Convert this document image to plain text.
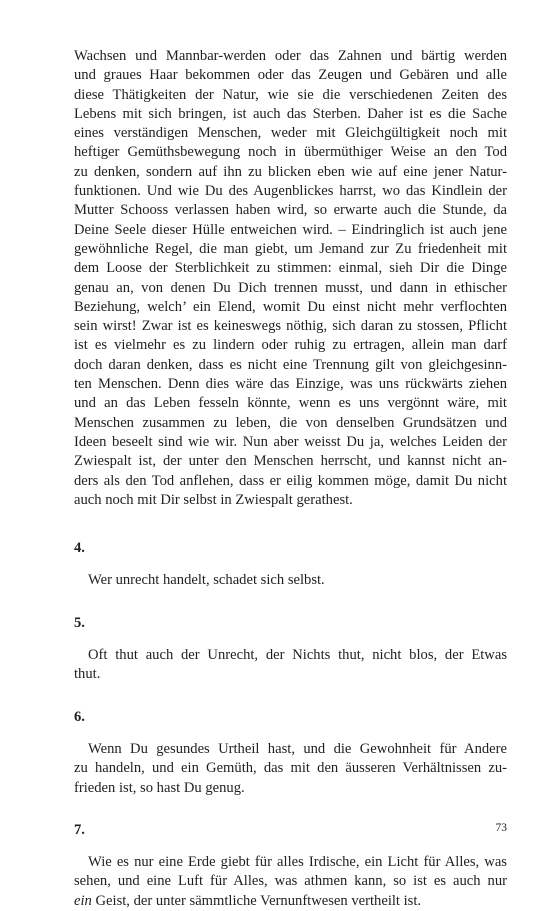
Wachsen und Mannbar-werden oder das Zahnen und bärtig werden
und graues Haar bekommen oder das Zeugen und Gebären und alle
diese Thätigkeiten der Natur, wie sie die verschiedenen Zeiten des
Lebens mit sich bringen, ist auch das Sterben. Daher ist es die Sache
eines verständigen Menschen, weder mit Gleichgültigkeit noch mit
heftiger Gemüthsbewegung noch in übermüthiger Weise an den Tod
zu denken, sondern auf ihn zu blicken eben wie auf eine jener Natur-
funktionen. Und wie Du des Augenblickes harrst, wo das Kindlein der
Mutter Schooss verlassen haben wird, so erwarte auch die Stunde, da
Deine Seele dieser Hülle entweichen wird. – Eindringlich ist auch jene
gewöhnliche Regel, die man giebt, um Jemand zur Zu friedenheit mit
dem Loose der Sterblichkeit zu stimmen: einmal, sieh Dir die Dinge
genau an, von denen Du Dich trennen musst, und dann in ethischer
Beziehung, welch’ ein Elend, womit Du einst nicht mehr verflochten
sein wirst! Zwar ist es keineswegs nöthig, sich daran zu stossen, Pflicht
ist es vielmehr es zu lindern oder ruhig zu ertragen, allein man darf
doch daran denken, dass es nicht eine Trennung gilt von gleichgesinn-
ten Menschen. Denn dies wäre das Einzige, was uns rückwärts ziehen
und an das Leben fesseln könnte, wenn es uns vergönnt wäre, mit
Menschen zusammen zu leben, die von denselben Grundsätzen und
Ideen beseelt sind wie wir. Nun aber weisst Du ja, welches Leiden der
Zwiespalt ist, der unter den Menschen herrscht, und kannst nicht an-
ders als den Tod anflehen, dass er eilig kommen möge, damit Du nicht
auch noch mit Dir selbst in Zwiespalt gerathest.

4.

Wer unrecht handelt, schadet sich selbst.

5.

Oft thut auch der Unrecht, der Nichts thut, nicht blos, der Etwas
thut.

6.

Wenn Du gesundes Urtheil hast, und die Gewohnheit für Andere
zu handeln, und ein Gemüth, das mit den äusseren Verhältnissen zu-
frieden ist, so hast Du genug.

7.

Wie es nur eine Erde giebt für alles Irdische, ein Licht für Alles, was
sehen, und eine Luft für Alles, was athmen kann, so ist es auch nur
ein Geist, der unter sämmtliche Vernunftwesen vertheilt ist.

73
